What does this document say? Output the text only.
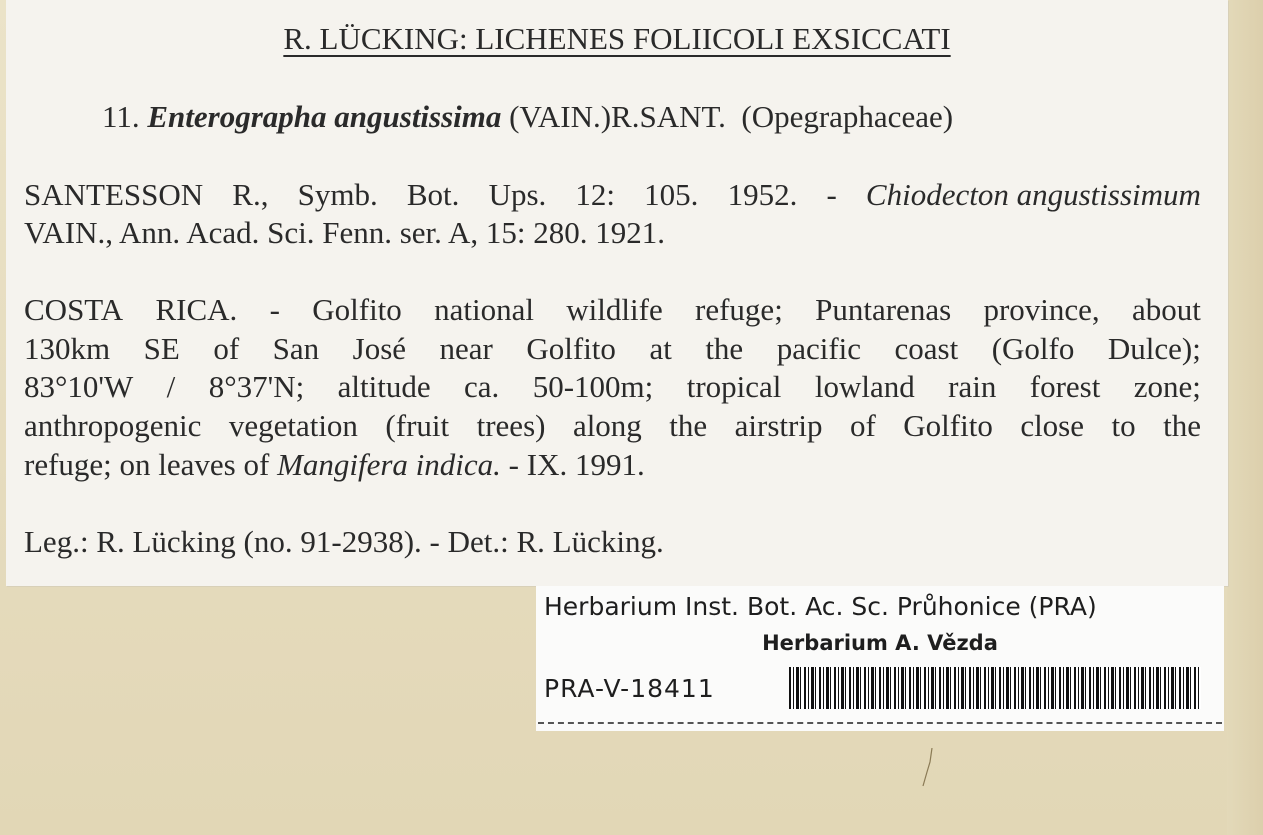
R. LÜCKING: LICHENES FOLIICOLI EXSICCATI
11. Enterographa angustissima (VAIN.)R.SANT. (Opegraphaceae)
SANTESSON R., Symb. Bot. Ups. 12: 105. 1952. - Chiodecton angustissimum
VAIN., Ann. Acad. Sci. Fenn. ser. A, 15: 280. 1921.
COSTA RICA. - Golfito national wildlife refuge; Puntarenas province, about
130km SE of San José near Golfito at the pacific coast (Golfo Dulce);
83°10'W / 8°37'N; altitude ca. 50-100m; tropical lowland rain forest zone;
anthropogenic vegetation (fruit trees) along the airstrip of Golfito close to the
refuge; on leaves of Mangifera indica. - IX. 1991.
Leg.: R. Lücking (no. 91-2938). - Det.: R. Lücking.
Herbarium Inst. Bot. Ac. Sc. Průhonice (PRA)
Herbarium A. Vězda
PRA-V-18411
